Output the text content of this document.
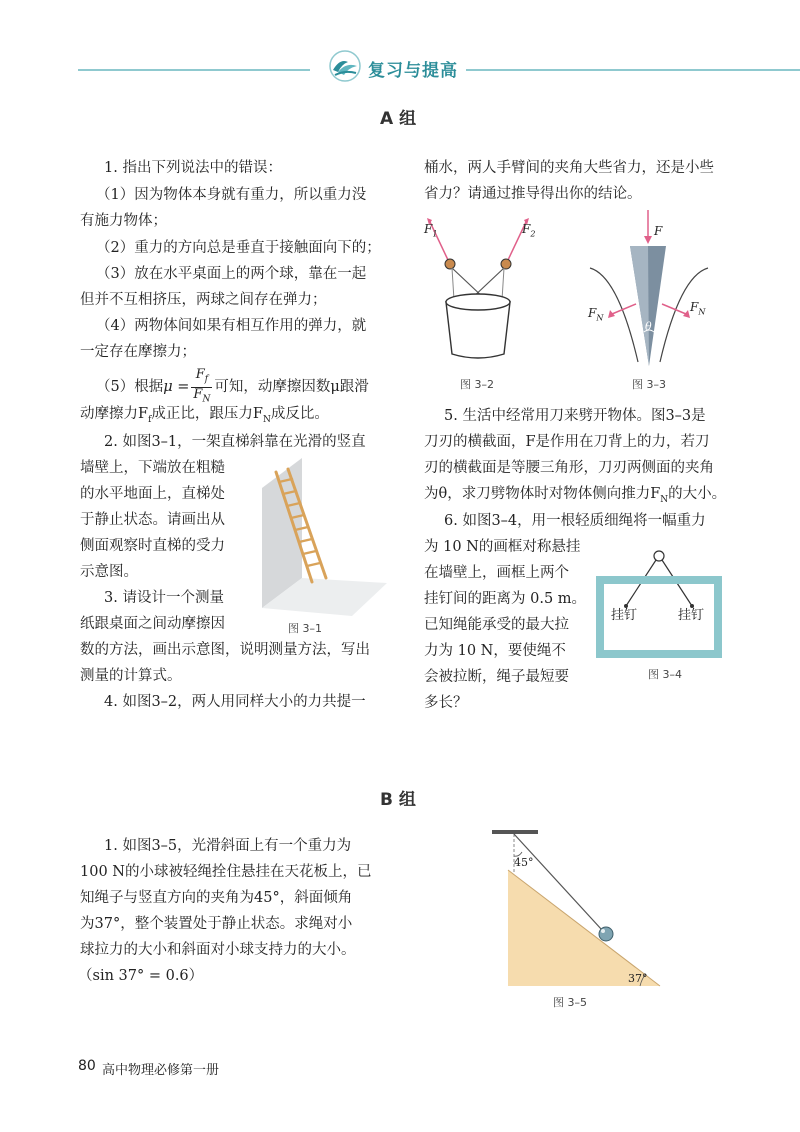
复习与提高
A 组
1. 指出下列说法中的错误：
（1）因为物体本身就有重力，所以重力没
有施力物体；
（2）重力的方向总是垂直于接触面向下的；
（3）放在水平桌面上的两个球，靠在一起
但并不互相挤压，两球之间存在弹力；
（4）两物体间如果有相互作用的弹力，就
一定存在摩擦力；
（5）根据$\mu = \frac{F_f}{F_N}$ 可知，动摩擦因数μ跟滑
动摩擦力$F_f$成正比，跟压力$F_N$成反比。
2. 如图3–1，一架直梯斜靠在光滑的竖直
墙壁上，下端放在粗糙
的水平地面上，直梯处
于静止状态。请画出从
侧面观察时直梯的受力
示意图。
3. 请设计一个测量
纸跟桌面之间动摩擦因
数的方法，画出示意图，说明测量方法，写出
测量的计算式。
4. 如图3–2，两人用同样大小的力共提一
图 3–1
桶水，两人手臂间的夹角大些省力，还是小些
省力？请通过推导得出你的结论。
$F_1$	$F_2$
图 3–2
F
$F_N$
$F_N$
θ
图 3–3
5. 生活中经常用刀来劈开物体。图3–3是
刀刃的横截面，F是作用在刀背上的力，若刀
刃的横截面是等腰三角形，刀刃两侧面的夹角
为θ，求刀劈物体时对物体侧向推力$F_N$的大小。
6. 如图3–4，用一根轻质细绳将一幅重力
为 10 N的画框对称悬挂
在墙壁上，画框上两个
挂钉间的距离为 0.5 m。
已知绳能承受的最大拉
力为 10 N，要使绳不
会被拉断，绳子最短要
多长？
挂钉	挂钉
图 3–4
B 组
1. 如图3–5，光滑斜面上有一个重力为
100 N的小球被轻绳拴住悬挂在天花板上，已
知绳子与竖直方向的夹角为45°，斜面倾角
为37°，整个装置处于静止状态。求绳对小
球拉力的大小和斜面对小球支持力的大小。
（sin 37° = 0.6）
45°
37°
图 3–5
80 高中物理必修第一册
